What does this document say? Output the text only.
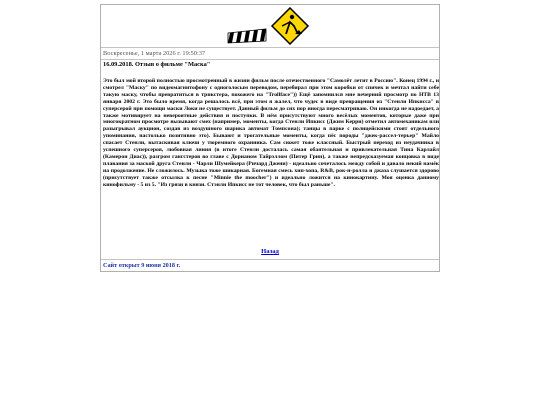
Воскресенье, 1 марта 2026 г. 19:50:37
16.09.2018. Отзыв о фильме "Маска"
Это был мой второй полностью просмотренный в жизни фильм после отечественного "Самолёт летит в Россию". Конец 1994 г., и смотрел "Маску" по видеомагнитофону с одноголосым переводом, перебирал при этом коробки от спичек и мечтал найти себе такую маску, чтобы превратиться в трикстера, похожего на "Trollface")) Ещё запомнился мне вечерний просмотр по НТВ 13 января 2002 г. Это было время, когда решалось всё, при этом я жалел, что чудес в виде превращения из "Стенли Ипкисса" в суперсерой при помощи маски Локи не существует. Данный фильм до сих пор иногда пересматриваю. Он никогда не надоедает, а также мотивирует на невероятные действия и поступки. В нём присутствуют много весёлых моментов, которые даже при многократном просмотре вызывают смех (например, моменты, когда Стенли Ипкисс (Джим Керри) отметил автомеханикам или разыгрывал аукцион, создав из воздушного шарика автомат Томпсона); танцы в парке с полицейскими стоят отдельного упоминания, настолько позитивно это). Бывают и трогательные моменты, когда пёс породы "джек-рассел-терьер" Майло спасает Стенли, вытаскивая ключи у тюремного охранника. Сам сюжет тоже классный. Быстрый переход из неудачника в успешного суперсероя, любовная линия (в итоге Стенли досталась самая обаятельная и привлекательная Тина Карлайл (Камерон Диас)), разгром гангстеров во главе с Дорианом Тайрэллом (Питер Грин), а также непредсказуемая концовка в виде плавания за маской друга Стенли - Чарли Шумейкера (Ричард Джени) - идеально сочеталось между собой и давало некий намёк на продолжение. Не сложилось. Музыка тоже шикарная. Богемная смесь хип-хопа, R&B, рок-н-ролла и джаза слушается здорово (присутствует также отсылка к песне "Minnie the moocher") и идеально ложится на кинокартину. Моя оценка данному кинофильму - 5 из 5. "Из грязи в князи. Стэнли Ипкисс не тот человек, что был раньше".
Назад
Сайт открыт 9 июня 2018 г.
